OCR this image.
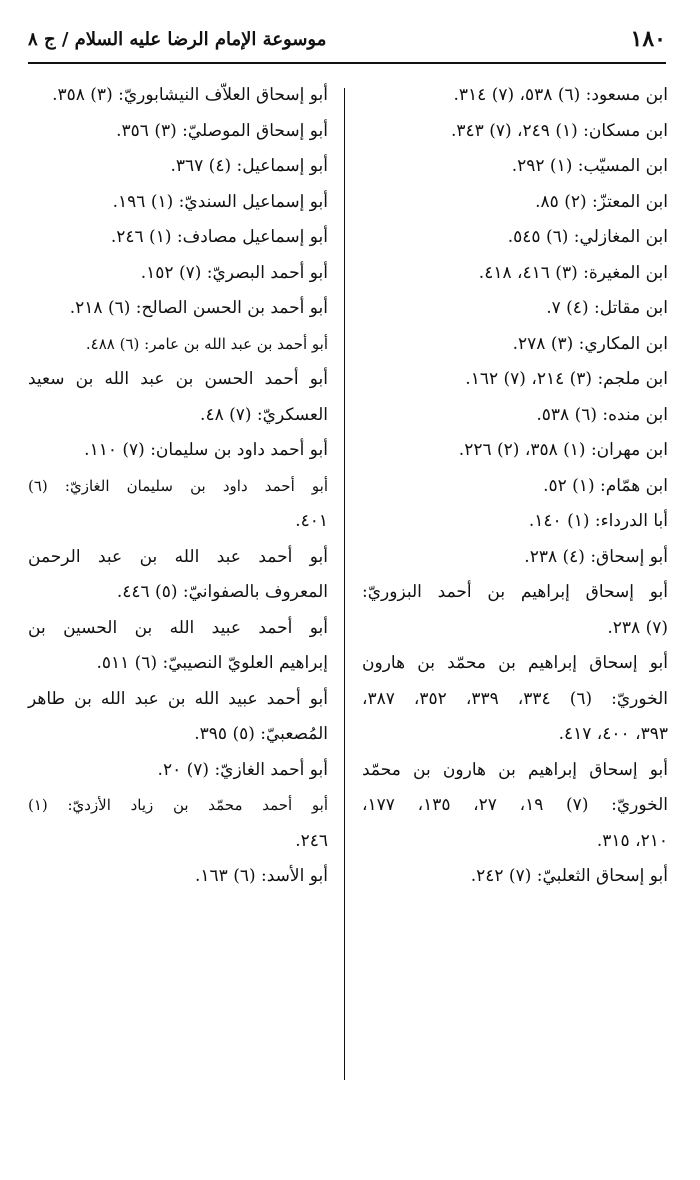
١٨٠
موسوعة الإمام الرضا عليه السلام / ج ٨
ابن مسعود: (٦) ٥٣٨، (٧) ٣١٤.
ابن مسكان: (١) ٢٤٩، (٧) ٣٤٣.
ابن المسيّب: (١) ٢٩٢.
ابن المعتزّ: (٢) ٨٥.
ابن المغازلي: (٦) ٥٤٥.
ابن المغيرة: (٣) ٤١٦، ٤١٨.
ابن مقاتل: (٤) ٧.
ابن المكاري: (٣) ٢٧٨.
ابن ملجم: (٣) ٢١٤، (٧) ١٦٢.
ابن منده: (٦) ٥٣٨.
ابن مهران: (١) ٣٥٨، (٢) ٢٢٦.
ابن همّام: (١) ٥٢.
أبا الدرداء: (١) ١٤٠.
أبو إسحاق: (٤) ٢٣٨.
أبو إسحاق إبراهيم بن أحمد البزوريّ:
(٧) ٢٣٨.
أبو إسحاق إبراهيم بن محمّد بن هارون
الخوريّ: (٦) ٣٣٤، ٣٣٩، ٣٥٢، ٣٨٧،
٣٩٣، ٤٠٠، ٤١٧.
أبو إسحاق إبراهيم بن هارون بن محمّد
الخوريّ: (٧) ١٩، ٢٧، ١٣٥، ١٧٧،
٢١٠، ٣١٥.
أبو إسحاق الثعلبيّ: (٧) ٢٤٢.
أبو إسحاق العلاّف النيشابوريّ: (٣) ٣٥٨.
أبو إسحاق الموصليّ: (٣) ٣٥٦.
أبو إسماعيل: (٤) ٣٦٧.
أبو إسماعيل السنديّ: (١) ١٩٦.
أبو إسماعيل مصادف: (١) ٢٤٦.
أبو أحمد البصريّ: (٧) ١٥٢.
أبو أحمد بن الحسن الصالح: (٦) ٢١٨.
أبو أحمد بن عبد الله بن عامر: (٦) ٤٨٨.
أبو أحمد الحسن بن عبد الله بن سعيد
العسكريّ: (٧) ٤٨.
أبو أحمد داود بن سليمان: (٧) ١١٠.
أبو أحمد داود بن سليمان الغازيّ: (٦)
٤٠١.
أبو أحمد عبد الله بن عبد الرحمن
المعروف بالصفوانيّ: (٥) ٤٤٦.
أبو أحمد عبيد الله بن الحسين بن
إبراهيم العلويّ النصيبيّ: (٦) ٥١١.
أبو أحمد عبيد الله بن عبد الله بن طاهر
المُصعبيّ: (٥) ٣٩٥.
أبو أحمد الغازيّ: (٧) ٢٠.
أبو أحمد محمّد بن زياد الأزديّ: (١)
٢٤٦.
أبو الأسد: (٦) ١٦٣.
